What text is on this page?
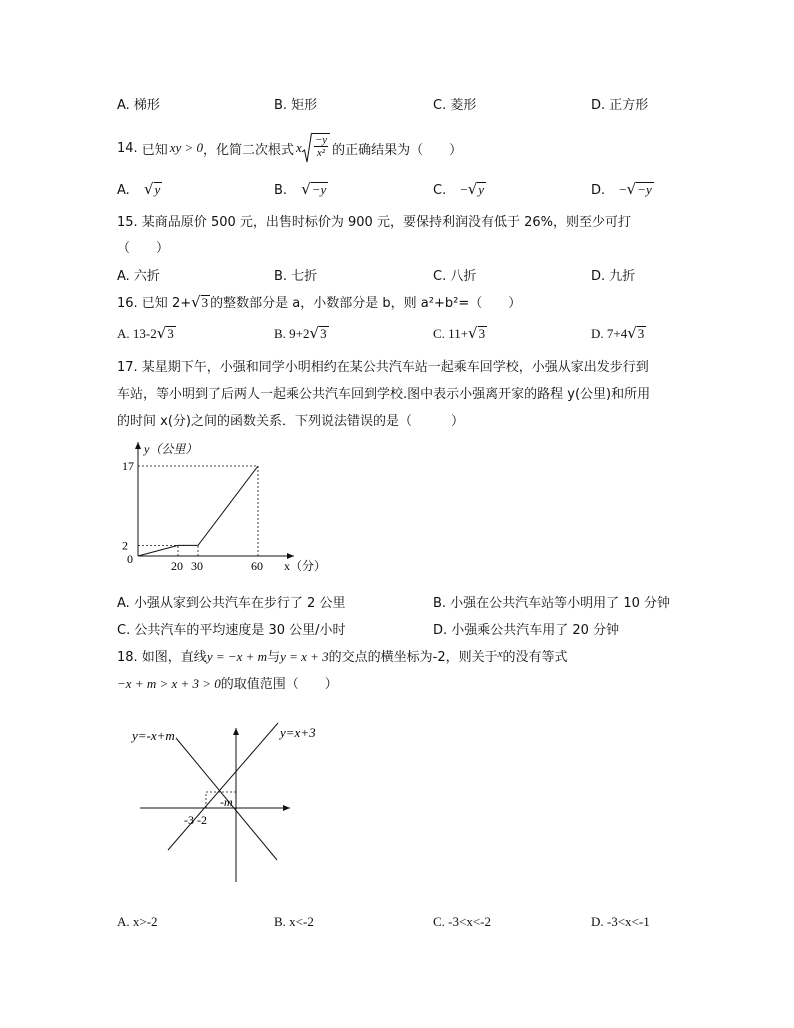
A. 梯形	B. 矩形	C. 菱形	D. 正方形
14. 已知 xy > 0 ，化简二次根式 x $\frac{-y}{\text{x²}}$ 的正确结果为（　　）
A. √y	B. √−y	C. −√y	D. −√−y
15. 某商品原价 500 元，出售时标价为 900 元，要保持利润没有低于 26%，则至少可打
（　　）
A. 六折	B. 七折	C. 八折	D. 九折
16. 已知 2+√3 的整数部分是 a，小数部分是 b，则 a²+b²=（　　）
A. 13-2√3	B. 9+2√3	C. 11+√3	D. 7+4√3
17. 某星期下午，小强和同学小明相约在某公共汽车站一起乘车回学校，小强从家出发步行到
车站，等小明到了后两人一起乘公共汽车回到学校.图中表示小强离开家的路程 y(公里)和所用
的时间 x(分)之间的函数关系．下列说法错误的是（　　　）
17
2
20 30	60
y（公里）
x（分）
0
A. 小强从家到公共汽车在步行了 2 公里	B. 小强在公共汽车站等小明用了 10 分钟
C. 公共汽车的平均速度是 30 公里/小时	D. 小强乘公共汽车用了 20 分钟
18. 如图，直线y = −x + m与y = x + 3的交点的横坐标为-2，则关于$^x$的没有等式
−x + m > x + 3 > 0的取值范围（　　）
y=-x+m	y=x+3
-m
-3 -2
A. x>-2	B. x<-2	C. -3<x<-2	D. -3<x<-1
